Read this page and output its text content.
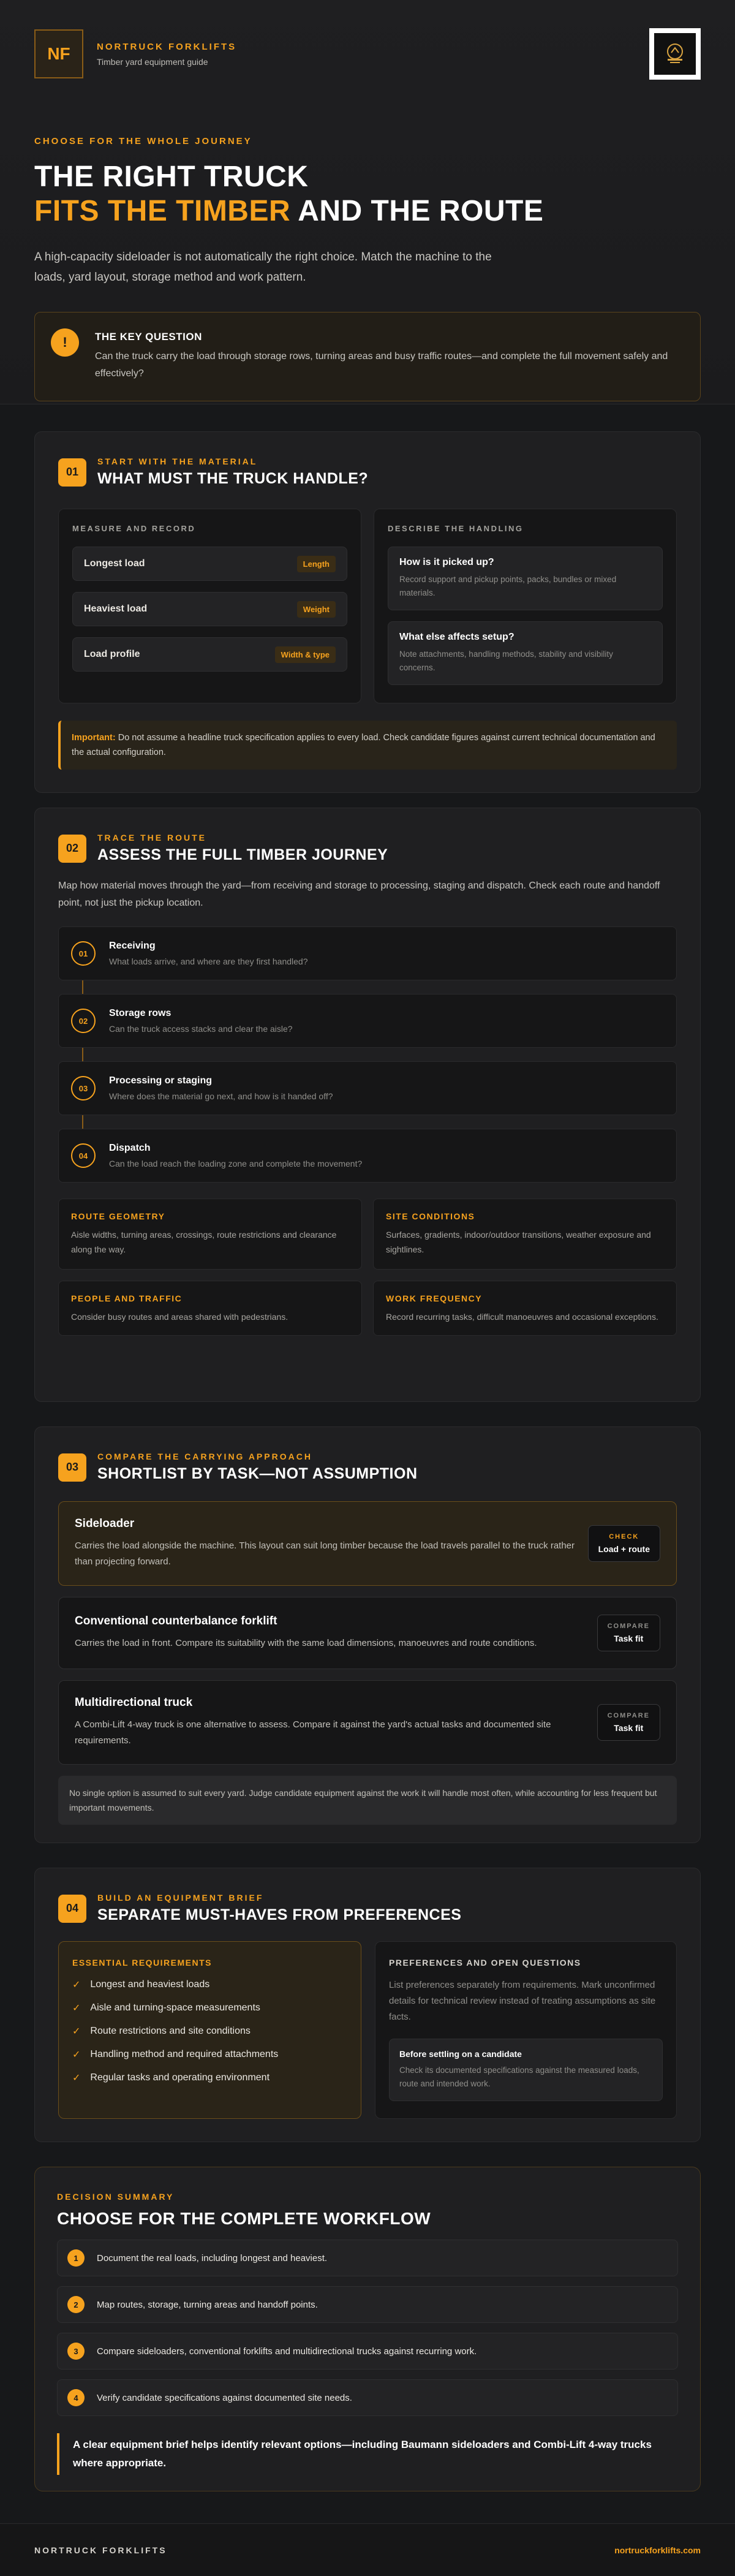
NF	NORTRUCK FORKLIFTS
Timber yard equipment guide
CHOOSE FOR THE WHOLE JOURNEY
THE RIGHT TRUCK
FITS THE TIMBER AND THE ROUTE

A high-capacity sideloader is not automatically the right choice. Match the machine to the loads, yard layout, storage method and work pattern.

!	THE KEY QUESTION
Can the truck carry the load through storage rows, turning areas and busy traffic routes—and complete the full movement safely and effectively?
01
START WITH THE MATERIAL
WHAT MUST THE TRUCK HANDLE?
MEASURE AND RECORD
Longest load	Length
Heaviest load	Weight
Load profile	Width & type
DESCRIBE THE HANDLING
How is it picked up?
Record support and pickup points, packs, bundles or mixed materials.
What else affects setup?
Note attachments, handling methods, stability and visibility concerns.
Important: Do not assume a headline truck specification applies to every load. Check candidate figures against current technical documentation and the actual configuration.
02
TRACE THE ROUTE
ASSESS THE FULL TIMBER JOURNEY

Map how material moves through the yard—from receiving and storage to processing, staging and dispatch. Check each route and handoff point, not just the pickup location.

01
Receiving
What loads arrive, and where are they first handled?
02
Storage rows
Can the truck access stacks and clear the aisle?
03
Processing or staging
Where does the material go next, and how is it handed off?
04
Dispatch
Can the load reach the loading zone and complete the movement?
ROUTE GEOMETRY
Aisle widths, turning areas, crossings, route restrictions and clearance along the way.
SITE CONDITIONS
Surfaces, gradients, indoor/outdoor transitions, weather exposure and sightlines.
PEOPLE AND TRAFFIC
Consider busy routes and areas shared with pedestrians.
WORK FREQUENCY
Record recurring tasks, difficult manoeuvres and occasional exceptions.
03
COMPARE THE CARRYING APPROACH
SHORTLIST BY TASK—NOT ASSUMPTION
Sideloader
Carries the load alongside the machine. This layout can suit long timber because the load travels parallel to the truck rather than projecting forward.
CHECK
Load + route
Conventional counterbalance forklift
Carries the load in front. Compare its suitability with the same load dimensions, manoeuvres and route conditions.
COMPARE
Task fit
Multidirectional truck
A Combi-Lift 4-way truck is one alternative to assess. Compare it against the yard's actual tasks and documented site requirements.
COMPARE
Task fit
No single option is assumed to suit every yard. Judge candidate equipment against the work it will handle most often, while accounting for less frequent but important movements.
04
BUILD AN EQUIPMENT BRIEF
SEPARATE MUST-HAVES FROM PREFERENCES
ESSENTIAL REQUIREMENTS
✓ Longest and heaviest loads
✓ Aisle and turning-space measurements
✓ Route restrictions and site conditions
✓ Handling method and required attachments
✓ Regular tasks and operating environment
PREFERENCES AND OPEN QUESTIONS
List preferences separately from requirements. Mark unconfirmed details for technical review instead of treating assumptions as site facts.
Before settling on a candidate
Check its documented specifications against the measured loads, route and intended work.
DECISION SUMMARY
CHOOSE FOR THE COMPLETE WORKFLOW
1	Document the real loads, including longest and heaviest.
2	Map routes, storage, turning areas and handoff points.
3	Compare sideloaders, conventional forklifts and multidirectional trucks against recurring work.
4	Verify candidate specifications against documented site needs.
A clear equipment brief helps identify relevant options—including Baumann sideloaders and Combi-Lift 4-way trucks where appropriate.
NORTRUCK FORKLIFTS	nortruckforklifts.com
